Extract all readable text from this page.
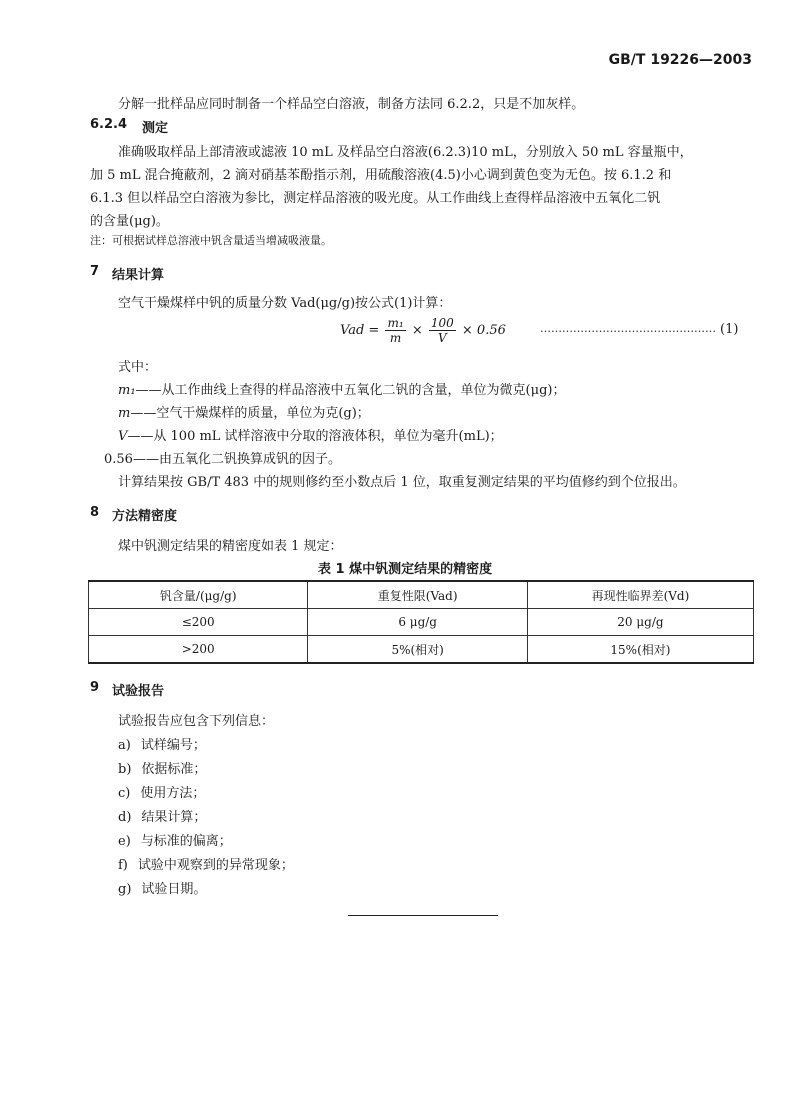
GB/T 19226—2003
分解一批样品应同时制备一个样品空白溶液，制备方法同 6.2.2，只是不加灰样。
6.2.4 测定
准确吸取样品上部清液或滤液 10 mL 及样品空白溶液(6.2.3)10 mL，分别放入 50 mL 容量瓶中，
加 5 mL 混合掩蔽剂，2 滴对硝基苯酚指示剂，用硫酸溶液(4.5)小心调到黄色变为无色。按 6.1.2 和
6.1.3 但以样品空白溶液为参比，测定样品溶液的吸光度。从工作曲线上查得样品溶液中五氧化二钒
的含量(μg)。
注：可根据试样总溶液中钒含量适当增减吸液量。
7 结果计算
空气干燥煤样中钒的质量分数 Vad(μg/g)按公式(1)计算：
Vad = $\frac{\text{m₁}}{m} \times \frac{100}{V} \times 0.56$	………………………………………… (1)
式中：
m₁——从工作曲线上查得的样品溶液中五氧化二钒的含量，单位为微克(μg)；
m——空气干燥煤样的质量，单位为克(g)；
V——从 100 mL 试样溶液中分取的溶液体积，单位为毫升(mL)；
0.56——由五氧化二钒换算成钒的因子。
计算结果按 GB/T 483 中的规则修约至小数点后 1 位，取重复测定结果的平均值修约到个位报出。
8 方法精密度
煤中钒测定结果的精密度如表 1 规定：
表 1 煤中钒测定结果的精密度
钒含量/(μg/g)	重复性限(Vad)	再现性临界差(Vd)
≤200	6 μg/g	20 μg/g
>200	5%(相对)	15%(相对)
9 试验报告
试验报告应包含下列信息：
a) 试样编号；
b) 依据标准；
c) 使用方法；
d) 结果计算；
e) 与标准的偏离；
f) 试验中观察到的异常现象；
g) 试验日期。
